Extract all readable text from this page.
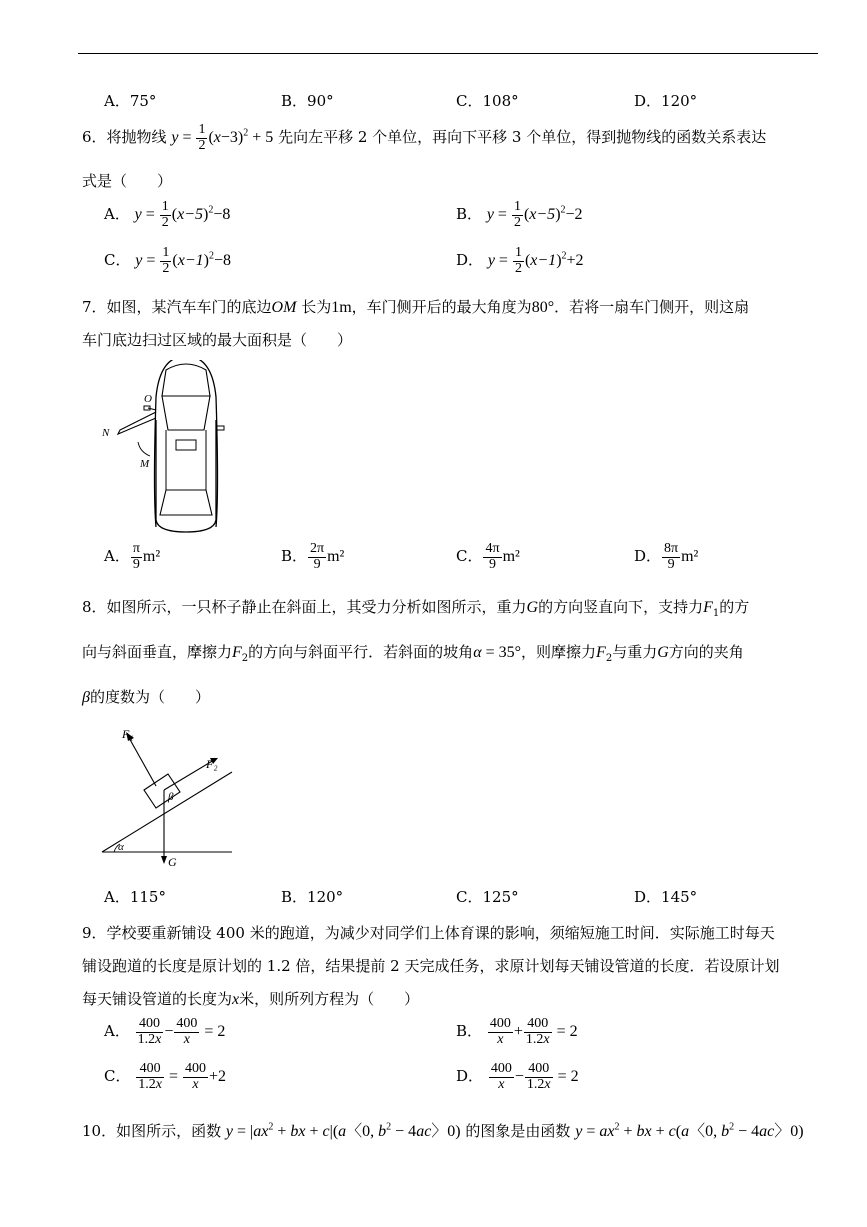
A．75°	B．90°	C．108°	D．120°
6．将抛物线 $y = \frac{1}{2} (x-3)^2 + 5$ 先向左平移 2 个单位，再向下平移 3 个单位，得到抛物线的函数关系表达
式是（　　）
A． $y = \frac{1}{2} (x-5)^2-8$	B． $y = \frac{1}{2} (x-5)^2-2$
C． $y = \frac{1}{2} (x-1)^2-8$	D． $y = \frac{1}{2} (x-1)^2+2$
7．如图，某汽车车门的底边OM 长为1m，车门侧开后的最大角度为80°．若将一扇车门侧开，则这扇
车门底边扫过区域的最大面积是（　　）
O
N
M
A． $\frac{\pi}{9} m^2$	B． $\frac{2\pi}{9} m^2$	C． $\frac{4\pi}{9} m^2$	D． $\frac{8\pi}{9} m^2$
8．如图所示，一只杯子静止在斜面上，其受力分析如图所示，重力G的方向竖直向下，支持力$F_1$的方
向与斜面垂直，摩擦力$F_2$的方向与斜面平行．若斜面的坡角α = 35°，则摩擦力$F_2$与重力G方向的夹角
β的度数为（　　）
F₁
F₂
β
α
G
A．115°	B．120°	C．125°	D．145°
9．学校要重新铺设 400 米的跑道，为减少对同学们上体育课的影响，须缩短施工时间．实际施工时每天
铺设跑道的长度是原计划的 1.2 倍，结果提前 2 天完成任务，求原计划每天铺设管道的长度．若设原计划
每天铺设管道的长度为x米，则所列方程为（　　）
A． $\frac{400}{1.2x} - \frac{400}{x} = 2$	B． $\frac{400}{x} + \frac{400}{1.2x} = 2$
C． $\frac{400}{1.2x} = \frac{400}{x} +2$	D． $\frac{400}{x} - \frac{400}{1.2x} = 2$
10．如图所示，函数 $y = |ax^2$ + bx + c|(a〈0, $b^2 - 4ac$〉0) 的图象是由函数 $y = ax^2$ + bx + c(a〈0, $b^2 - 4ac$〉0)
